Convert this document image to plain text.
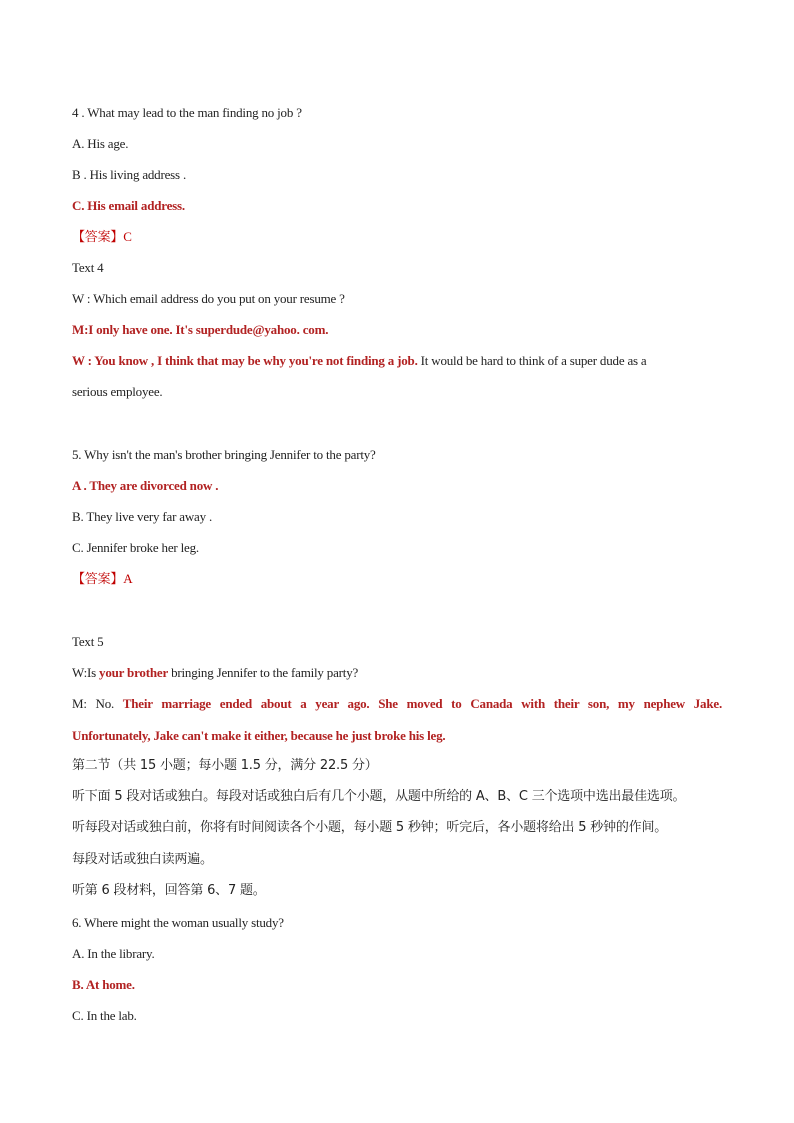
4 . What may lead to the man finding no job ?
A. His age.
B . His living address .
C. His email address.
【答案】C
Text 4
W : Which email address do you put on your resume ?
M:I only have one. It's superdude@yahoo. com.
W : You know , I think that may be why you're not finding a job. It would be hard to think of a super dude as a
serious employee.
5. Why isn't the man's brother bringing Jennifer to the party?
A . They are divorced now .
B. They live very far away .
C. Jennifer broke her leg.
【答案】A
Text 5
W:Is your brother bringing Jennifer to the family party?
M: No. Their marriage ended about a year ago. She moved to Canada with their son, my nephew Jake.
Unfortunately, Jake can't make it either, because he just broke his leg.
第二节（共 15 小题；每小题 1.5 分，满分 22.5 分）
听下面 5 段对话或独白。每段对话或独白后有几个小题，从题中所给的 A、B、C 三个选项中选出最佳选项。
听每段对话或独白前，你将有时间阅读各个小题，每小题 5 秒钟；听完后，各小题将给出 5 秒钟的作间。
每段对话或独白读两遍。
听第 6 段材料，回答第 6、7 题。
6. Where might the woman usually study?
A. In the library.
B. At home.
C. In the lab.
